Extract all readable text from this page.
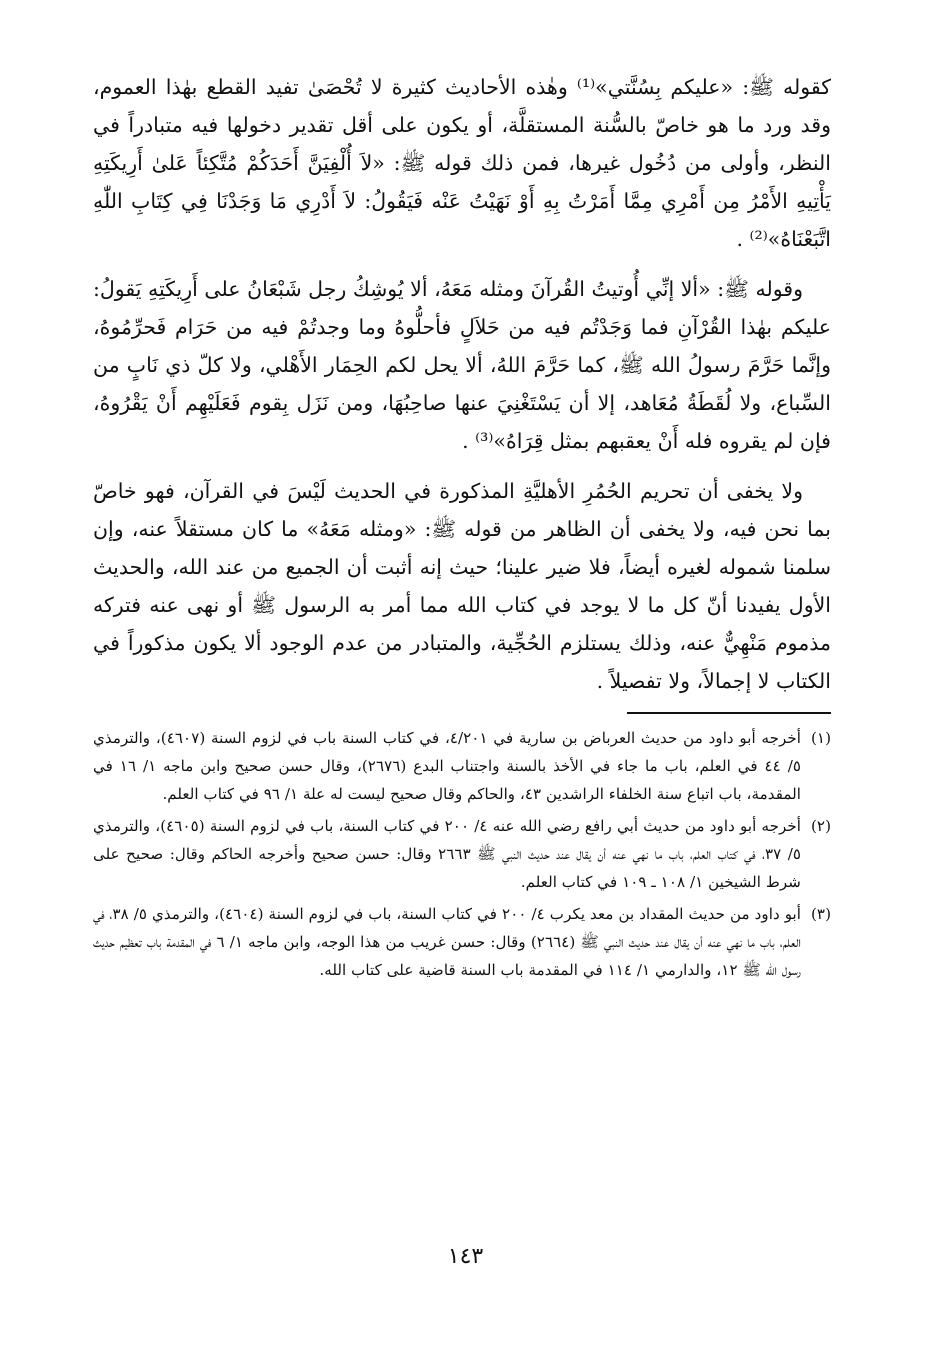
كقوله ﷺ: «عليكم بِسُنَّتي»⁽¹⁾ وهٰذه الأحاديث كثيرة لا تُحْصَىٰ تفيد القطع بهٰذا العموم، وقد ورد ما هو خاصّ بالسُّنة المستقلَّة، أو يكون على أقل تقدير دخولها فيه متبادراً في النظر، وأولى من دُخُول غيرها، فمن ذلك قوله ﷺ: «لاَ أُلْفِيَنَّ أَحَدَكُمْ مُتَّكِئاً عَلىٰ أَرِيكَتِهِ يَأْتِيهِ الأَمْرُ مِن أَمْرِي مِمَّا أَمَرْتُ بِهِ أَوْ نَهَيْتُ عَنْه فَيَقُولُ: لاَ أَدْرِي مَا وَجَدْنَا فِي كِتَابِ اللّٰهِ اتَّبَعْنَاهُ»⁽²⁾ .

وقوله ﷺ: «ألا إنِّي أُوتيتُ القُرآنَ ومثله مَعَهُ، ألا يُوشِكُ رجل شَبْعَانُ على أَرِيكَتِهِ يَقولُ: عليكم بهٰذا القُرْآنِ فما وَجَدْتُم فيه من حَلاَلٍ فأحلُّوهُ وما وجدتُمْ فيه من حَرَام فَحرِّمُوهُ، وإنَّما حَرَّمَ رسولُ الله ﷺ، كما حَرَّمَ اللهُ، ألا يحل لكم الحِمَار الأَهْلي، ولا كلّ ذي نَابٍ من السِّباع، ولا لُقَطَةُ مُعَاهد، إلا أن يَسْتَغْنِيَ عنها صاحِبُهَا، ومن نَزَل بِقوم فَعَلَيْهِم أَنْ يَقْرُوهُ، فإن لم يقروه فله أَنْ يعقبهم بمثل قِرَاهُ»⁽³⁾ .

ولا يخفى أن تحريم الحُمُرِ الأهليَّةِ المذكورة في الحديث لَيْسَ في القرآن، فهو خاصّ بما نحن فيه، ولا يخفى أن الظاهر من قوله ﷺ: «ومثله مَعَهُ» ما كان مستقلاً عنه، وإن سلمنا شموله لغيره أيضاً، فلا ضير علينا؛ حيث إنه أثبت أن الجميع من عند الله، والحديث الأول يفيدنا أنّ كل ما لا يوجد في كتاب الله مما أمر به الرسول ﷺ أو نهى عنه فتركه مذموم مَنْهِيٌّ عنه، وذلك يستلزم الحُجِّية، والمتبادر من عدم الوجود ألا يكون مذكوراً في الكتاب لا إجمالاً، ولا تفصيلاً .

(١)
أخرجه أبو داود من حديث العرباض بن سارية في ٤/٢٠١، في كتاب السنة باب في لزوم السنة (٤٦٠٧)، والترمذي ٥/ ٤٤ في العلم، باب ما جاء في الأخذ بالسنة واجتناب البدع (٢٦٧٦)، وقال حسن صحيح وابن ماجه ١/ ١٦ في المقدمة، باب اتباع سنة الخلفاء الراشدين ٤٣، والحاكم وقال صحيح ليست له علة ١/ ٩٦ في كتاب العلم.
(٢)
أخرجه أبو داود من حديث أبي رافع رضي الله عنه ٤/ ٢٠٠ في كتاب السنة، باب في لزوم السنة (٤٦٠٥)، والترمذي ٥/ ٣٧، في كتاب العلم، باب ما نهي عنه أن يقال عند حديث النبي ﷺ ٢٦٦٣ وقال: حسن صحيح وأخرجه الحاكم وقال: صحيح على شرط الشيخين ١/ ١٠٨ ـ ١٠٩ في كتاب العلم.
(٣)
أبو داود من حديث المقداد بن معد يكرب ٤/ ٢٠٠ في كتاب السنة، باب في لزوم السنة (٤٦٠٤)، والترمذي ٥/ ٣٨، في العلم، باب ما نهي عنه أن يقال عند حديث النبي ﷺ (٢٦٦٤) وقال: حسن غريب من هذا الوجه، وابن ماجه ١/ ٦ في المقدمة باب تعظيم حديث رسول الله ﷺ ١٢، والدارمي ١/ ١١٤ في المقدمة باب السنة قاضية على كتاب الله.
١٤٣
